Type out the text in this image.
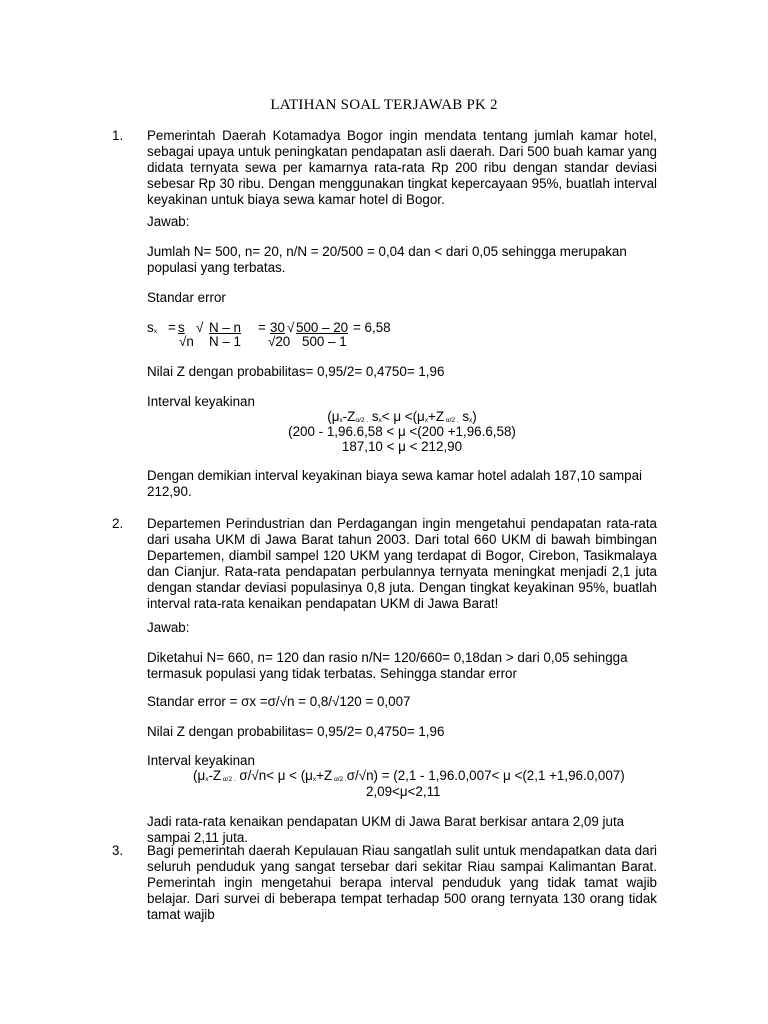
LATIHAN SOAL TERJAWAB PK 2
1.	Pemerintah Daerah Kotamadya Bogor ingin mendata tentang jumlah kamar hotel, sebagai upaya untuk peningkatan pendapatan asli daerah. Dari 500 buah kamar yang didata ternyata sewa per kamarnya rata-rata Rp 200 ribu dengan standar deviasi sebesar Rp 30 ribu. Dengan menggunakan tingkat kepercayaan 95%, buatlah interval keyakinan untuk biaya sewa kamar hotel di Bogor.
Jawab:
Jumlah N= 500, n= 20, n/N = 20/500 = 0,04 dan < dari 0,05 sehingga merupakan populasi yang terbatas.
Standar error
$s_x = s$ √ N – n = 30 √ 500 – 20 = 6,58
√n N – 1 √20 500 – 1
Nilai Z dengan probabilitas= 0,95/2= 0,4750= 1,96
Interval keyakinan
($\mu_x-Z_{\alpha/2 .}$ $s_x< \mu <(\mu_x+Z$ $_{\alpha/2 .}$ $s_x$)
(200 - 1,96.6,58 < μ <(200 +1,96.6,58)
187,10 < μ < 212,90
Dengan demikian interval keyakinan biaya sewa kamar hotel adalah 187,10 sampai 212,90.
2.	Departemen Perindustrian dan Perdagangan ingin mengetahui pendapatan rata-rata dari usaha UKM di Jawa Barat tahun 2003. Dari total 660 UKM di bawah bimbingan Departemen, diambil sampel 120 UKM yang terdapat di Bogor, Cirebon, Tasikmalaya dan Cianjur. Rata-rata pendapatan perbulannya ternyata meningkat menjadi 2,1 juta dengan standar deviasi populasinya 0,8 juta. Dengan tingkat keyakinan 95%, buatlah interval rata-rata kenaikan pendapatan UKM di Jawa Barat!
Jawab:
Diketahui N= 660, n= 120 dan rasio n/N= 120/660= 0,18dan > dari 0,05 sehingga termasuk populasi yang tidak terbatas. Sehingga standar error
Standar error = σx =σ/√n = 0,8/√120 = 0,007
Nilai Z dengan probabilitas= 0,95/2= 0,4750= 1,96
Interval keyakinan
($\mu_x-Z$ $_{\alpha/2 .}$ $\sigma/√n< \mu < (\mu_x+Z$ $_{\alpha/2 .}$σ/√n) = (2,1 - 1,96.0,007< μ <(2,1 +1,96.0,007)
2,09<μ<2,11
Jadi rata-rata kenaikan pendapatan UKM di Jawa Barat berkisar antara 2,09 juta sampai 2,11 juta.
3.	Bagi pemerintah daerah Kepulauan Riau sangatlah sulit untuk mendapatkan data dari seluruh penduduk yang sangat tersebar dari sekitar Riau sampai Kalimantan Barat. Pemerintah ingin mengetahui berapa interval penduduk yang tidak tamat wajib belajar. Dari survei di beberapa tempat terhadap 500 orang ternyata 130 orang tidak tamat wajib
